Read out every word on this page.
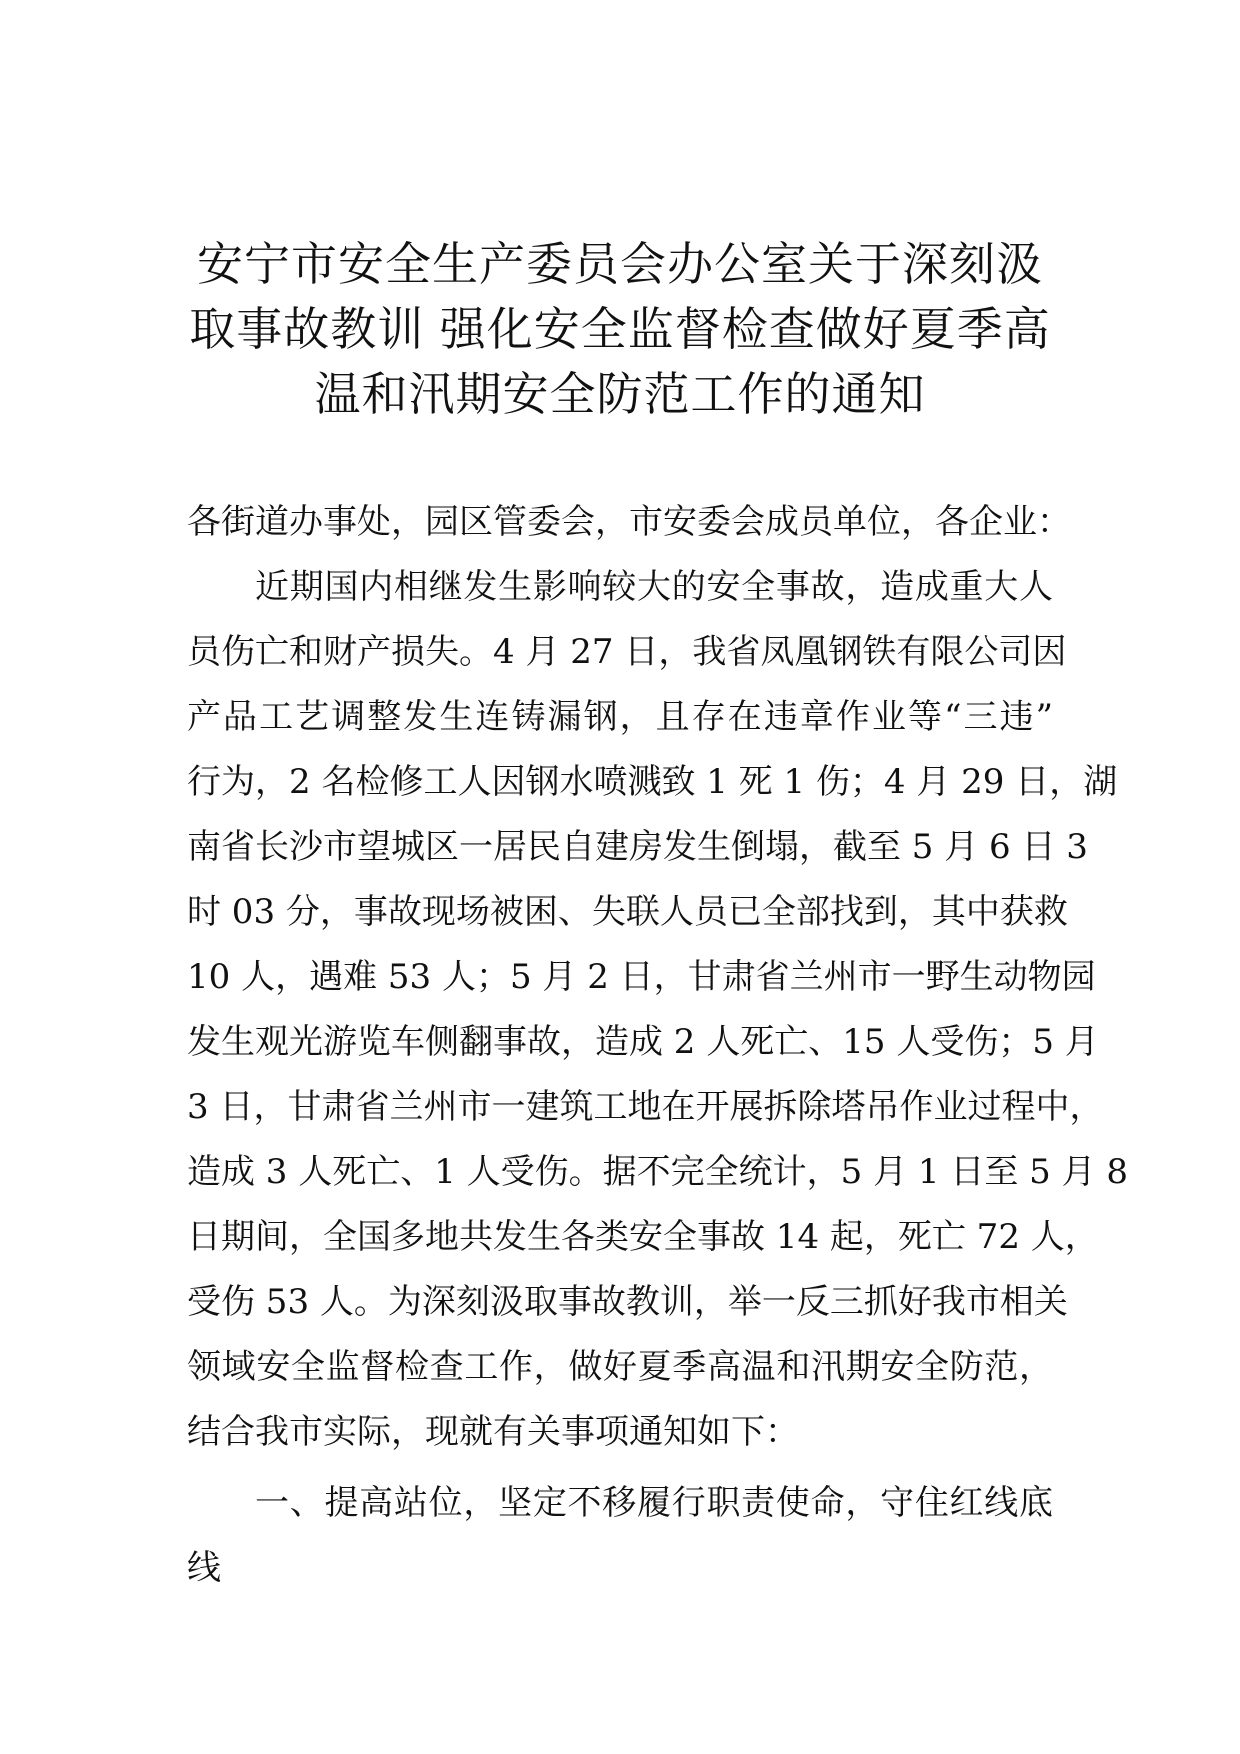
安宁市安全生产委员会办公室关于深刻汲
取事故教训 强化安全监督检查做好夏季高
温和汛期安全防范工作的通知
各街道办事处，园区管委会，市安委会成员单位，各企业：
近期国内相继发生影响较大的安全事故，造成重大人
员伤亡和财产损失。4 月 27 日，我省凤凰钢铁有限公司因
产品工艺调整发生连铸漏钢，且存在违章作业等“三违”
行为，2 名检修工人因钢水喷溅致 1 死 1 伤；4 月 29 日，湖
南省长沙市望城区一居民自建房发生倒塌，截至 5 月 6 日 3
时 03 分，事故现场被困、失联人员已全部找到，其中获救
10 人，遇难 53 人；5 月 2 日，甘肃省兰州市一野生动物园
发生观光游览车侧翻事故，造成 2 人死亡、15 人受伤；5 月
3 日，甘肃省兰州市一建筑工地在开展拆除塔吊作业过程中，
造成 3 人死亡、1 人受伤。据不完全统计，5 月 1 日至 5 月 8
日期间，全国多地共发生各类安全事故 14 起，死亡 72 人，
受伤 53 人。为深刻汲取事故教训，举一反三抓好我市相关
领域安全监督检查工作，做好夏季高温和汛期安全防范，
结合我市实际，现就有关事项通知如下：
一、提高站位，坚定不移履行职责使命，守住红线底
线
